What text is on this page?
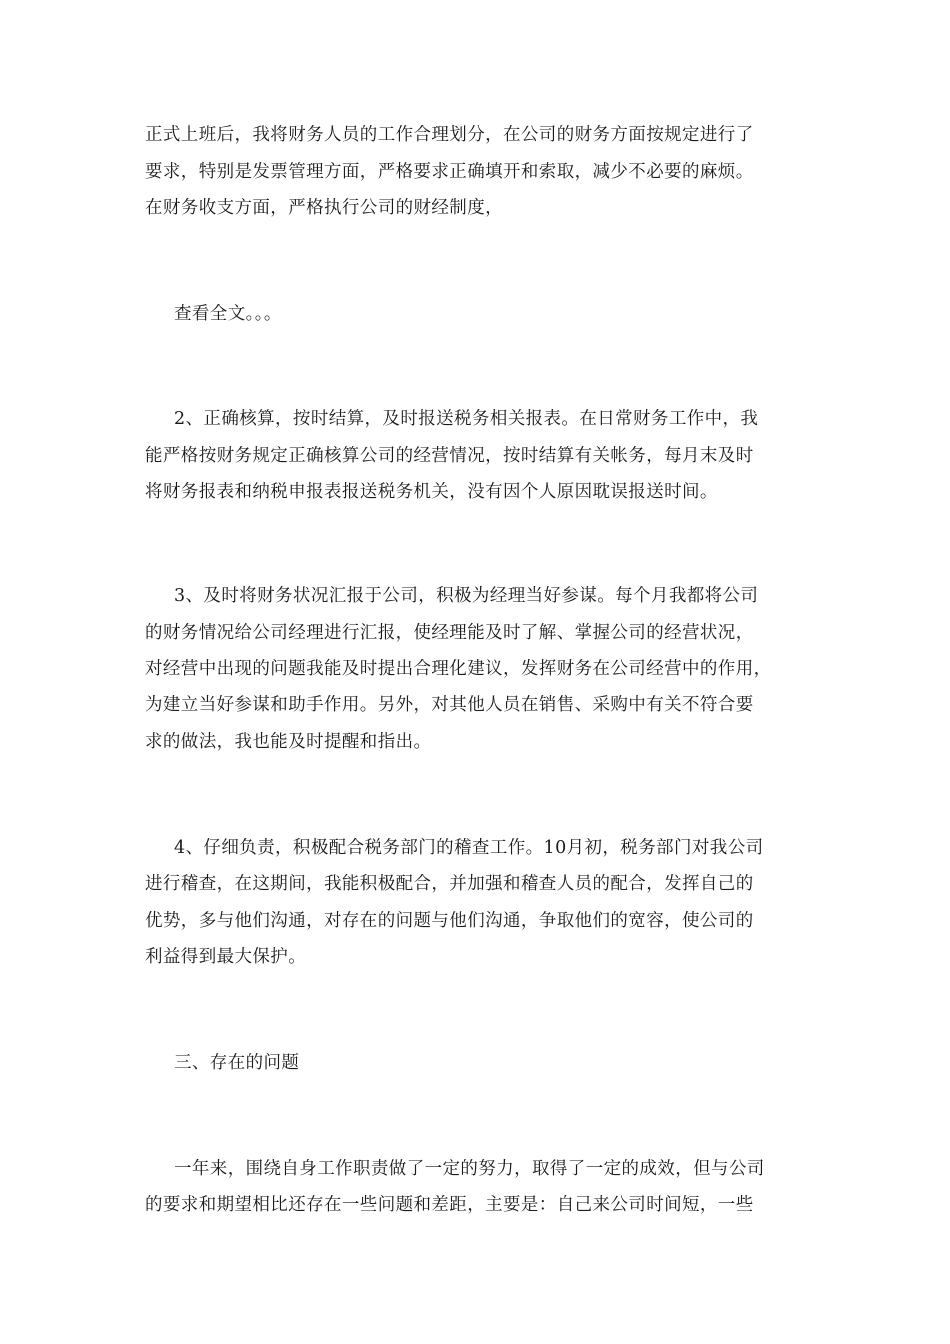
正式上班后，我将财务人员的工作合理划分，在公司的财务方面按规定进行了
要求，特别是发票管理方面，严格要求正确填开和索取，减少不必要的麻烦。
在财务收支方面，严格执行公司的财经制度，
查看全文。。。
2、正确核算，按时结算，及时报送税务相关报表。在日常财务工作中，我
能严格按财务规定正确核算公司的经营情况，按时结算有关帐务，每月末及时
将财务报表和纳税申报表报送税务机关，没有因个人原因耽误报送时间。
3、及时将财务状况汇报于公司，积极为经理当好参谋。每个月我都将公司
的财务情况给公司经理进行汇报，使经理能及时了解、掌握公司的经营状况，
对经营中出现的问题我能及时提出合理化建议，发挥财务在公司经营中的作用，
为建立当好参谋和助手作用。另外，对其他人员在销售、采购中有关不符合要
求的做法，我也能及时提醒和指出。
4、仔细负责，积极配合税务部门的稽查工作。10月初，税务部门对我公司
进行稽查，在这期间，我能积极配合，并加强和稽查人员的配合，发挥自己的
优势，多与他们沟通，对存在的问题与他们沟通，争取他们的宽容，使公司的
利益得到最大保护。
三、存在的问题
一年来，围绕自身工作职责做了一定的努力，取得了一定的成效，但与公司
的要求和期望相比还存在一些问题和差距，主要是：自己来公司时间短，一些
